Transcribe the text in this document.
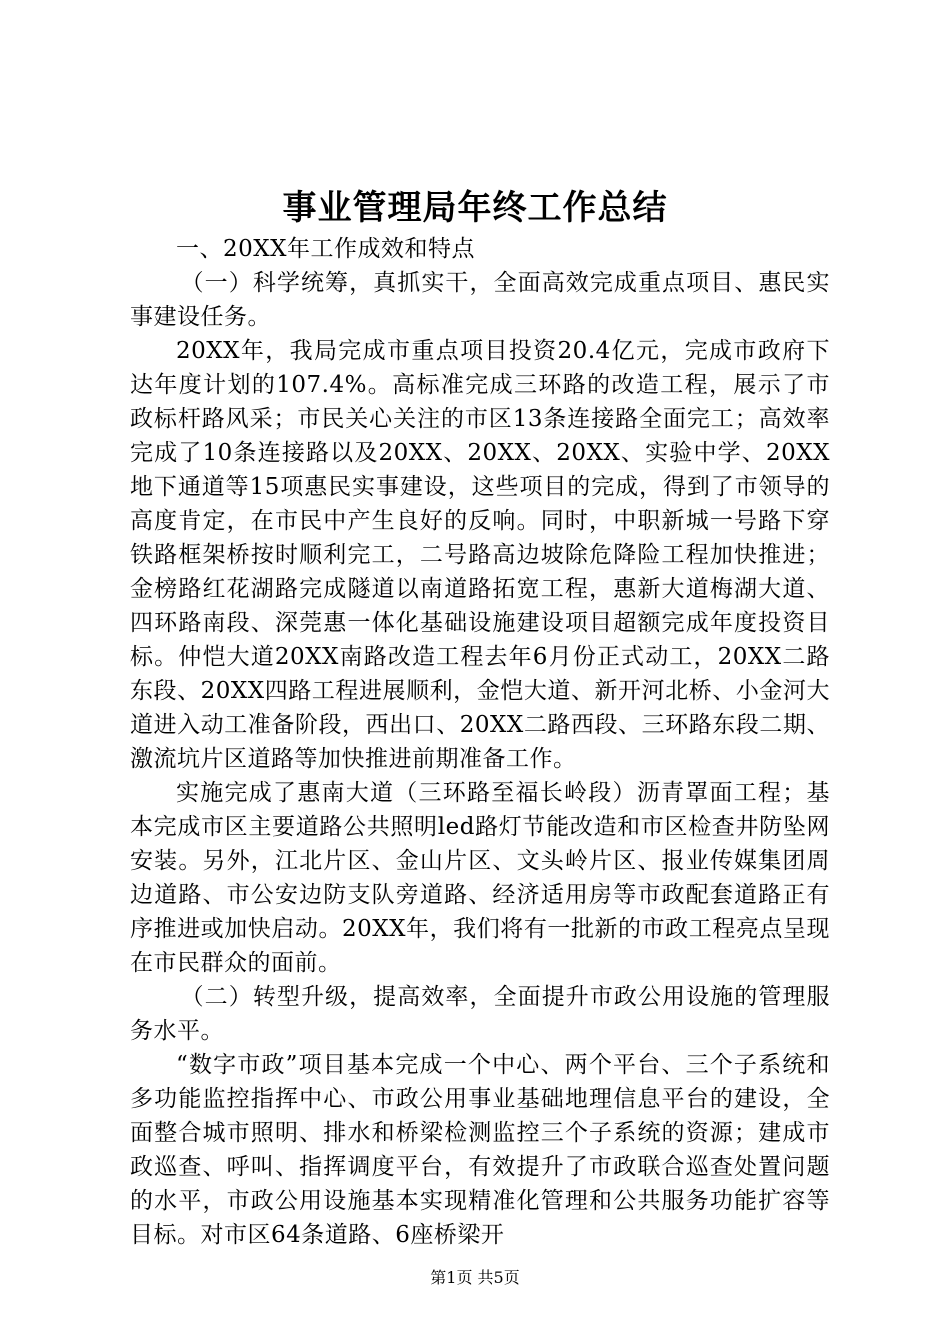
事业管理局年终工作总结

一、20XX年工作成效和特点

（一）科学统筹，真抓实干，全面高效完成重点项目、惠民实事建设任务。

20XX年，我局完成市重点项目投资20.4亿元，完成市政府下达年度计划的107.4%。高标准完成三环路的改造工程，展示了市政标杆路风采；市民关心关注的市区13条连接路全面完工；高效率完成了10条连接路以及20XX、20XX、20XX、实验中学、20XX地下通道等15项惠民实事建设，这些项目的完成，得到了市领导的高度肯定，在市民中产生良好的反响。同时，中职新城一号路下穿铁路框架桥按时顺利完工，二号路高边坡除危降险工程加快推进；金榜路红花湖路完成隧道以南道路拓宽工程，惠新大道梅湖大道、四环路南段、深莞惠一体化基础设施建设项目超额完成年度投资目标。仲恺大道20XX南路改造工程去年6月份正式动工，20XX二路东段、20XX四路工程进展顺利，金恺大道、新开河北桥、小金河大道进入动工准备阶段，西出口、20XX二路西段、三环路东段二期、激流坑片区道路等加快推进前期准备工作。

实施完成了惠南大道（三环路至福长岭段）沥青罩面工程；基本完成市区主要道路公共照明led路灯节能改造和市区检查井防坠网安装。另外，江北片区、金山片区、文头岭片区、报业传媒集团周边道路、市公安边防支队旁道路、经济适用房等市政配套道路正有序推进或加快启动。20XX年，我们将有一批新的市政工程亮点呈现在市民群众的面前。

（二）转型升级，提高效率，全面提升市政公用设施的管理服务水平。

“数字市政”项目基本完成一个中心、两个平台、三个子系统和多功能监控指挥中心、市政公用事业基础地理信息平台的建设，全面整合城市照明、排水和桥梁检测监控三个子系统的资源；建成市政巡查、呼叫、指挥调度平台，有效提升了市政联合巡查处置问题的水平，市政公用设施基本实现精准化管理和公共服务功能扩容等目标。对市区64条道路、6座桥梁开

第1页 共5页
